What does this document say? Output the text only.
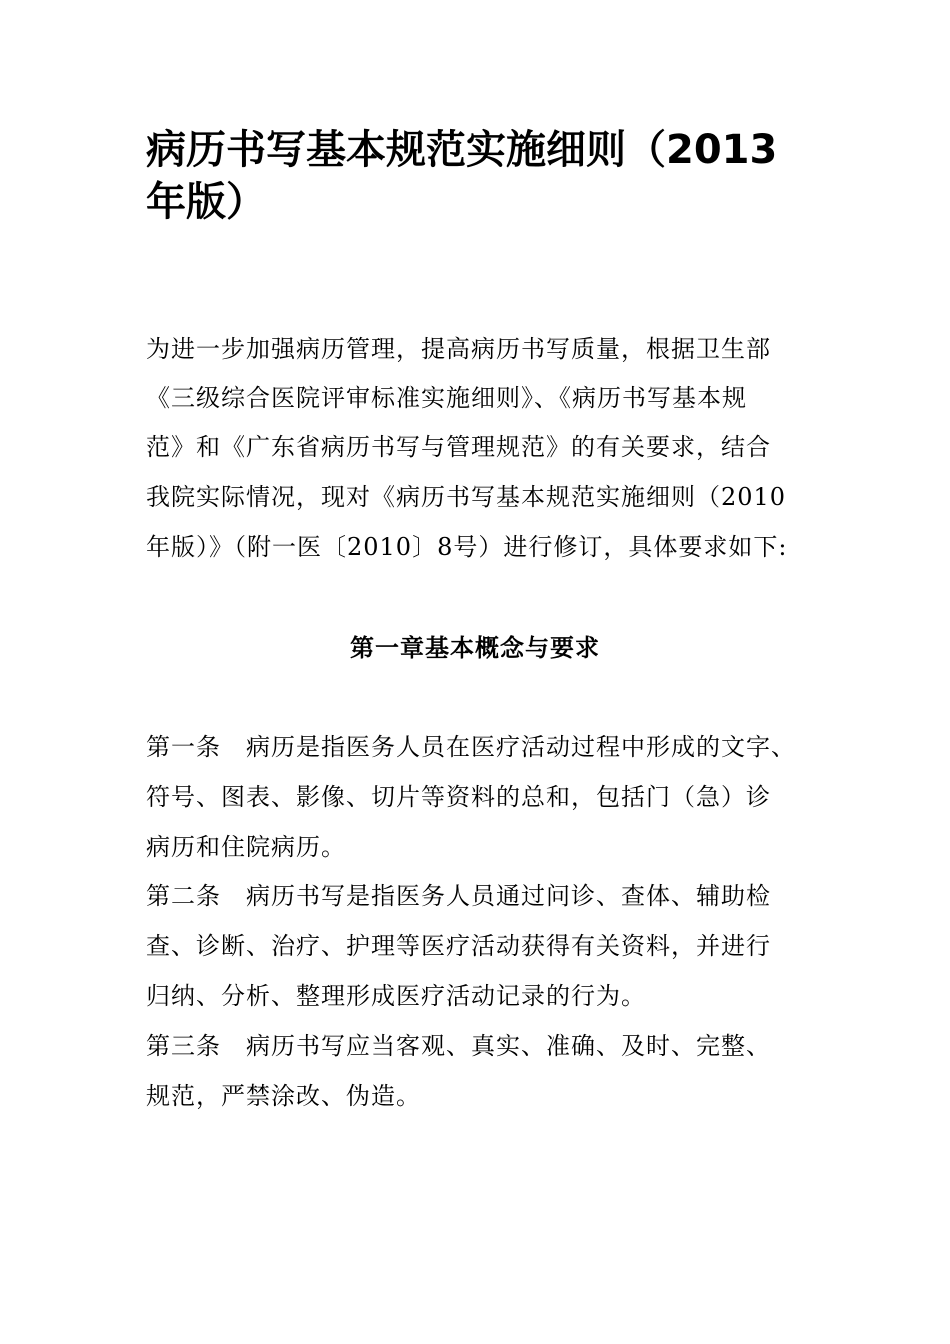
病历书写基本规范实施细则（2013年版）

为进一步加强病历管理，提高病历书写质量，根据卫生部

《三级综合医院评审标准实施细则》、《病历书写基本规

范》和《广东省病历书写与管理规范》的有关要求，结合

我院实际情况，现对《病历书写基本规范实施细则（2010

年版）》（附一医〔2010〕8号）进行修订，具体要求如下:

第一章基本概念与要求

第一条　病历是指医务人员在医疗活动过程中形成的文字、

符号、图表、影像、切片等资料的总和，包括门（急）诊

病历和住院病历。

第二条　病历书写是指医务人员通过问诊、查体、辅助检

查、诊断、治疗、护理等医疗活动获得有关资料，并进行

归纳、分析、整理形成医疗活动记录的行为。

第三条　病历书写应当客观、真实、准确、及时、完整、

规范，严禁涂改、伪造。
